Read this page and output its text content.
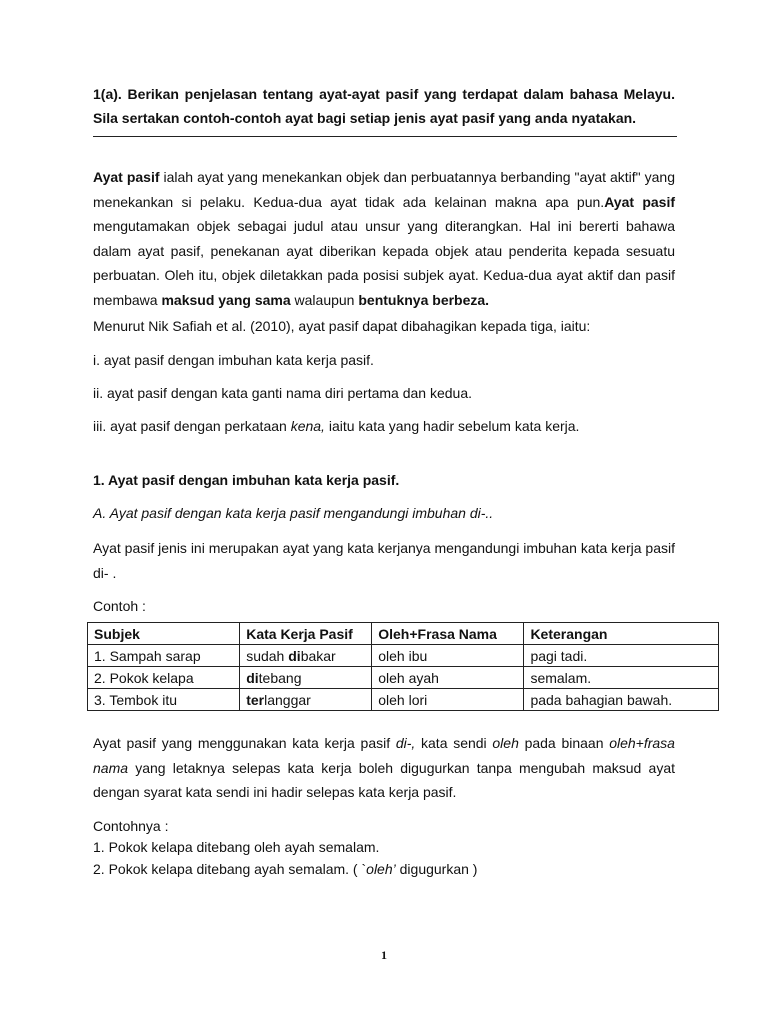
1(a). Berikan penjelasan tentang ayat-ayat pasif yang terdapat dalam bahasa Melayu. Sila sertakan contoh-contoh ayat bagi setiap jenis ayat pasif yang anda nyatakan.

Ayat pasif ialah ayat yang menekankan objek dan perbuatannya berbanding "ayat aktif" yang menekankan si pelaku. Kedua-dua ayat tidak ada kelainan makna apa pun.Ayat pasif mengutamakan objek sebagai judul atau unsur yang diterangkan. Hal ini bererti bahawa dalam ayat pasif, penekanan ayat diberikan kepada objek atau penderita kepada sesuatu perbuatan. Oleh itu, objek diletakkan pada posisi subjek ayat. Kedua-dua ayat aktif dan pasif membawa maksud yang sama walaupun bentuknya berbeza.

Menurut Nik Safiah et al. (2010), ayat pasif dapat dibahagikan kepada tiga, iaitu:

i. ayat pasif dengan imbuhan kata kerja pasif.

ii. ayat pasif dengan kata ganti nama diri pertama dan kedua.

iii. ayat pasif dengan perkataan kena, iaitu kata yang hadir sebelum kata kerja.

1. Ayat pasif dengan imbuhan kata kerja pasif.

A. Ayat pasif dengan kata kerja pasif mengandungi imbuhan di-..

Ayat pasif jenis ini merupakan ayat yang kata kerjanya mengandungi imbuhan kata kerja pasif di- .

Contoh :

Subjek	Kata Kerja Pasif	Oleh+Frasa Nama	Keterangan
1. Sampah sarap	sudah dibakar	oleh ibu	pagi tadi.
2. Pokok kelapa	ditebang	oleh ayah	semalam.
3. Tembok itu	terlanggar	oleh lori	pada bahagian bawah.

Ayat pasif yang menggunakan kata kerja pasif di-, kata sendi oleh pada binaan oleh+frasa nama yang letaknya selepas kata kerja boleh digugurkan tanpa mengubah maksud ayat dengan syarat kata sendi ini hadir selepas kata kerja pasif.

Contohnya :

1. Pokok kelapa ditebang oleh ayah semalam.

2. Pokok kelapa ditebang ayah semalam. ( `oleh’ digugurkan )

1
